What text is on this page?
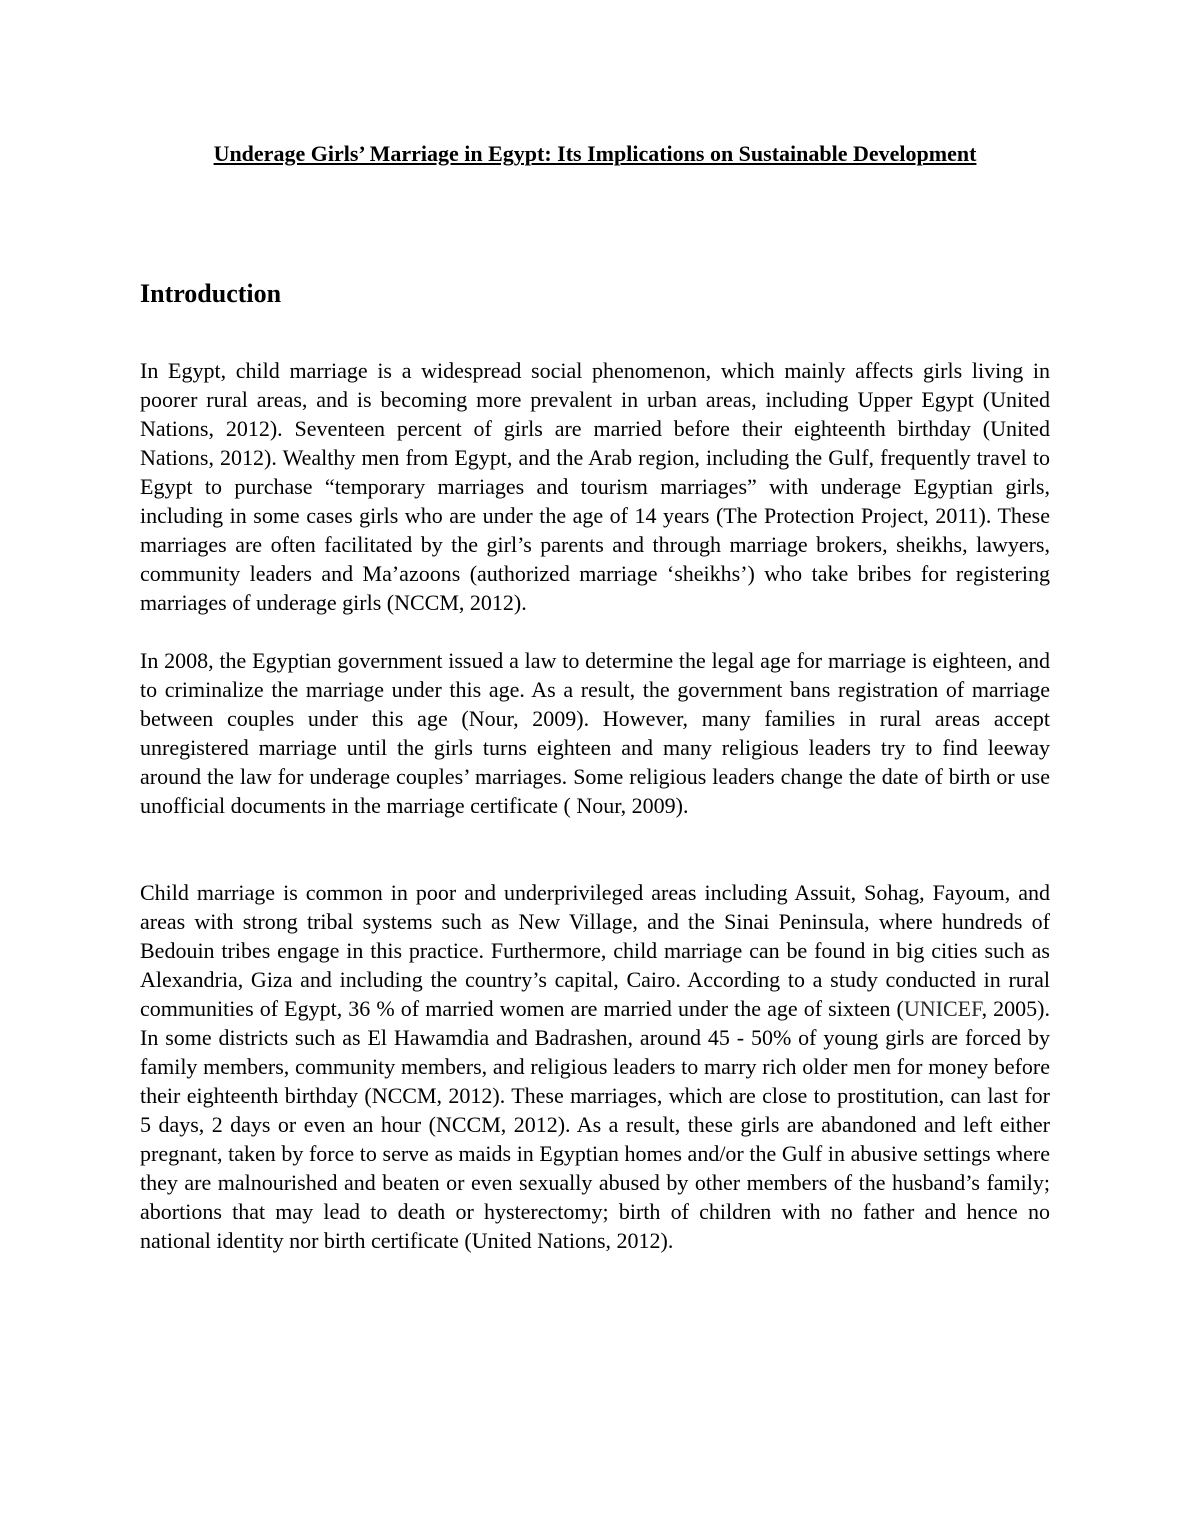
Underage Girls’ Marriage in Egypt: Its Implications on Sustainable Development
Introduction

In Egypt, child marriage is a widespread social phenomenon, which mainly affects girls living in poorer rural areas, and is becoming more prevalent in urban areas, including Upper Egypt (United Nations, 2012). Seventeen percent of girls are married before their eighteenth birthday (United Nations, 2012). Wealthy men from Egypt, and the Arab region, including the Gulf, frequently travel to Egypt to purchase “temporary marriages and tourism marriages” with underage Egyptian girls, including in some cases girls who are under the age of 14 years (The Protection Project, 2011). These marriages are often facilitated by the girl’s parents and through marriage brokers, sheikhs, lawyers, community leaders and Ma’azoons (authorized marriage ‘sheikhs’) who take bribes for registering marriages of underage girls (NCCM, 2012).

In 2008, the Egyptian government issued a law to determine the legal age for marriage is eighteen, and to criminalize the marriage under this age. As a result, the government bans registration of marriage between couples under this age (Nour, 2009). However, many families in rural areas accept unregistered marriage until the girls turns eighteen and many religious leaders try to find leeway around the law for underage couples’ marriages. Some religious leaders change the date of birth or use unofficial documents in the marriage certificate ( Nour, 2009).

Child marriage is common in poor and underprivileged areas including Assuit, Sohag, Fayoum, and areas with strong tribal systems such as New Village, and the Sinai Peninsula, where hundreds of Bedouin tribes engage in this practice. Furthermore, child marriage can be found in big cities such as Alexandria, Giza and including the country’s capital, Cairo. According to a study conducted in rural communities of Egypt, 36 % of married women are married under the age of sixteen (UNICEF, 2005). In some districts such as El Hawamdia and Badrashen, around 45 - 50% of young girls are forced by family members, community members, and religious leaders to marry rich older men for money before their eighteenth birthday (NCCM, 2012). These marriages, which are close to prostitution, can last for 5 days, 2 days or even an hour (NCCM, 2012). As a result, these girls are abandoned and left either pregnant, taken by force to serve as maids in Egyptian homes and/or the Gulf in abusive settings where they are malnourished and beaten or even sexually abused by other members of the husband’s family; abortions that may lead to death or hysterectomy; birth of children with no father and hence no national identity nor birth certificate (United Nations, 2012).
